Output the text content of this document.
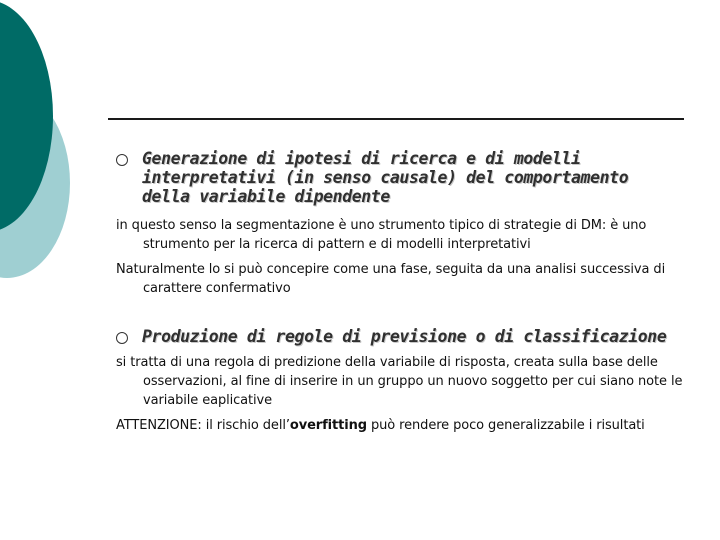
Generazione di ipotesi di ricerca e di modelli
interpretativi (in senso causale) del comportamento
della variabile dipendente
in questo senso la segmentazione è uno strumento tipico di strategie di DM: è uno strumento per la ricerca di pattern e di modelli interpretativi
Naturalmente lo si può concepire come una fase, seguita da una analisi successiva di carattere confermativo
Produzione di regole di previsione o di classificazione
si tratta di una regola di predizione della variabile di risposta, creata sulla base delle osservazioni, al fine di inserire in un gruppo un nuovo soggetto per cui siano note le variabile eaplicative
ATTENZIONE: il rischio dell’overfitting può rendere poco generalizzabile i risultati
